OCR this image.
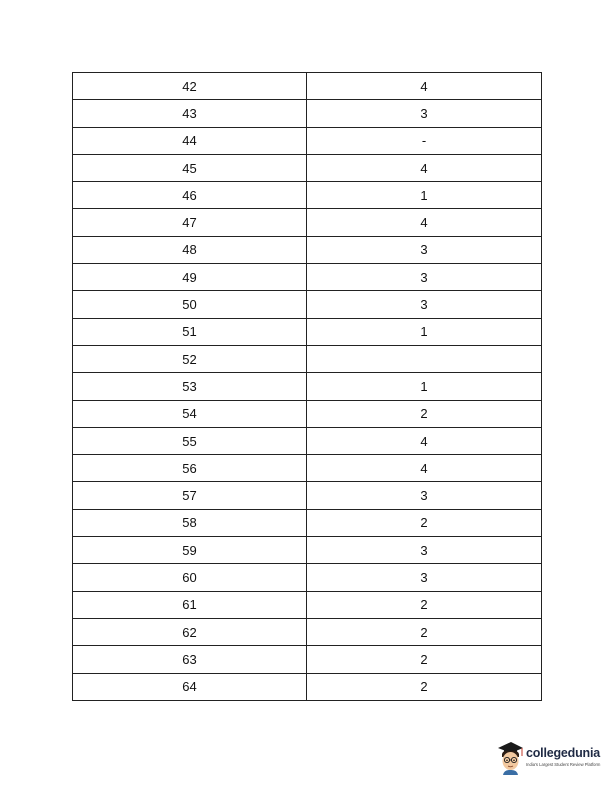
42	4
43	3
44	-
45	4
46	1
47	4
48	3
49	3
50	3
51	1
52	
53	1
54	2
55	4
56	4
57	3
58	2
59	3
60	3
61	2
62	2
63	2
64	2
collegedunia
India's Largest Student Review Platform
